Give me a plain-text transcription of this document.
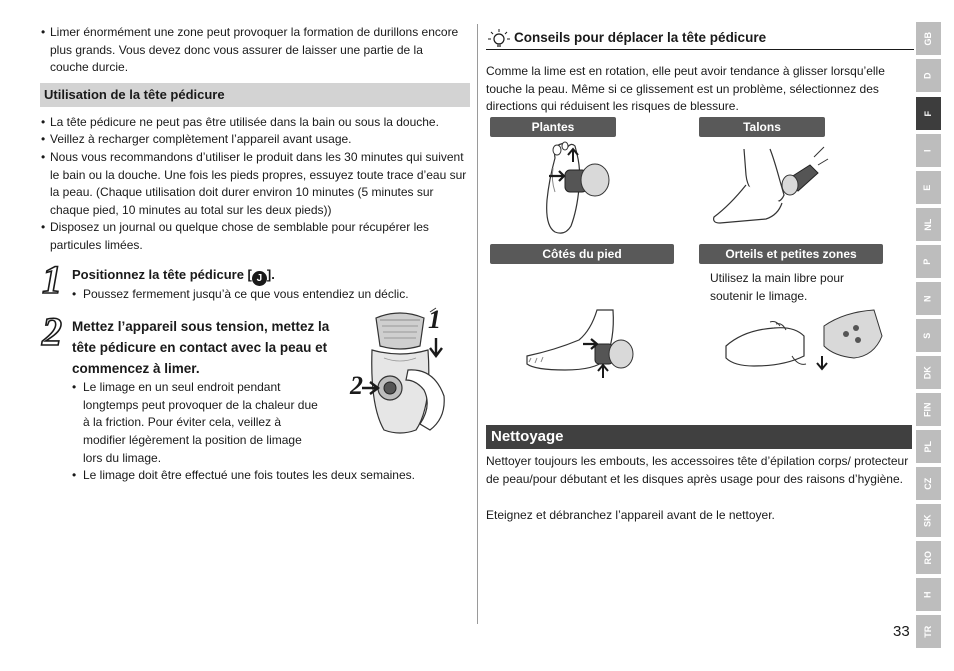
• Limer énormément une zone peut provoquer la formation de durillons encore plus grands. Vous devez donc vous assurer de laisser une partie de la couche durcie.
Utilisation de la tête pédicure
• La tête pédicure ne peut pas être utilisée dans la bain ou sous la douche.
• Veillez à recharger complètement l’appareil avant usage.
• Nous vous recommandons d’utiliser le produit dans les 30 minutes qui suivent le bain ou la douche. Une fois les pieds propres, essuyez toute trace d’eau sur la peau. (Chaque utilisation doit durer environ 10 minutes (5 minutes sur chaque pied, 10 minutes au total sur les deux pieds))
• Disposez un journal ou quelque chose de semblable pour récupérer les particules limées.
1 Positionnez la tête pédicure [ J ].
• Poussez fermement jusqu’à ce que vous entendiez un déclic.
2 Mettez l’appareil sous tension, mettez la tête pédicure en contact avec la peau et commencez à limer.
• Le limage en un seul endroit pendant longtemps peut provoquer de la chaleur due à la friction. Pour éviter cela, veillez à modifier légèrement la position de limage lors du limage.
• Le limage doit être effectué une fois toutes les deux semaines.
1
2
Conseils pour déplacer la tête pédicure
Comme la lime est en rotation, elle peut avoir tendance à glisser lorsqu’elle touche la peau. Même si ce glissement est un problème, sélectionnez des directions qui réduisent les risques de blessure.
Plantes	Talons
Côtés du pied	Orteils et petites zones
Utilisez la main libre pour soutenir le limage.
Nettoyage
Nettoyer toujours les embouts, les accessoires tête d’épilation corps/ protecteur de peau/pour débutant et les disques après usage pour des raisons d’hygiène.
Eteignez et débranchez l’appareil avant de le nettoyer.
GB
D
F
I
E
NL
P
N
S
DK
FIN
PL
CZ
SK
RO
H
TR
33
